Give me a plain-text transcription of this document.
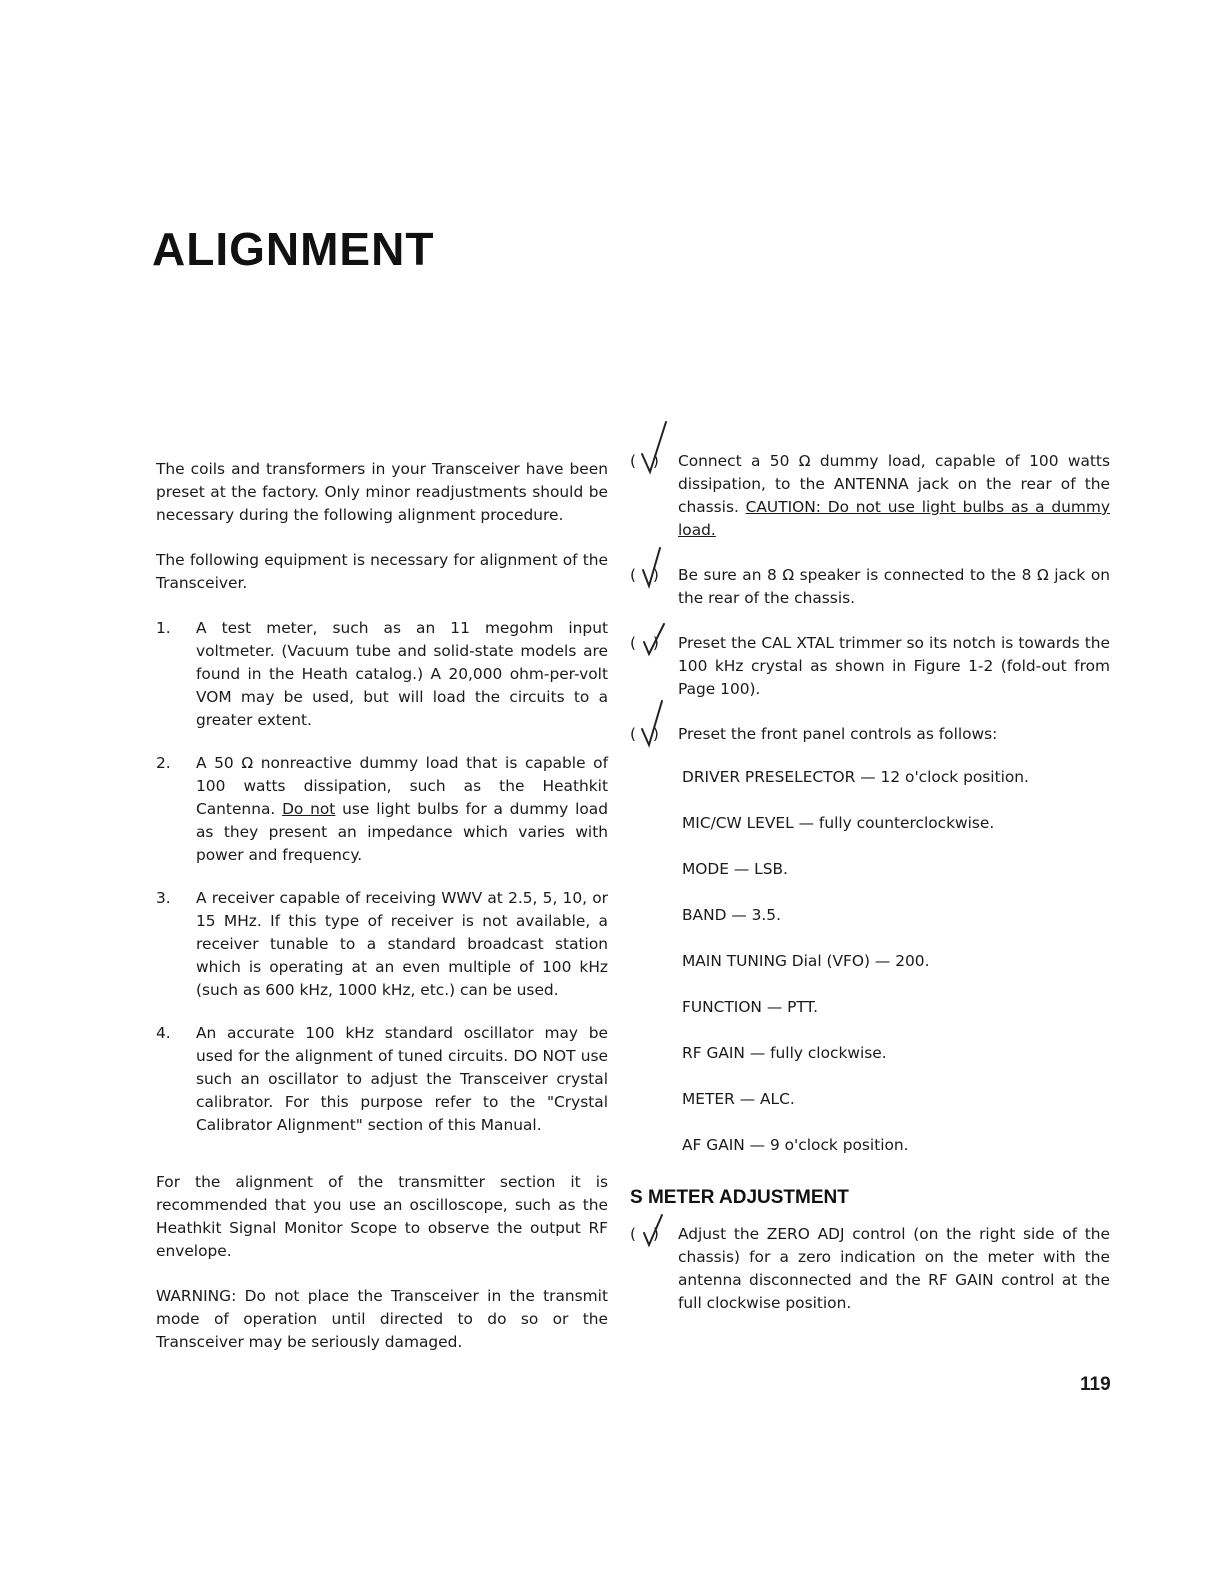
ALIGNMENT

The coils and transformers in your Transceiver have been preset at the factory. Only minor readjustments should be necessary during the following alignment procedure.

The following equipment is necessary for alignment of the Transceiver.

1.	A test meter, such as an 11 megohm input voltmeter. (Vacuum tube and solid-state models are found in the Heath catalog.) A 20,000 ohm-per-volt VOM may be used, but will load the circuits to a greater extent.

2.	A 50 Ω nonreactive dummy load that is capable of 100 watts dissipation, such as the Heathkit Cantenna. Do not use light bulbs for a dummy load as they present an impedance which varies with power and frequency.

3.	A receiver capable of receiving WWV at 2.5, 5, 10, or 15 MHz. If this type of receiver is not available, a receiver tunable to a standard broadcast station which is operating at an even multiple of 100 kHz (such as 600 kHz, 1000 kHz, etc.) can be used.

4.	An accurate 100 kHz standard oscillator may be used for the alignment of tuned circuits. DO NOT use such an oscillator to adjust the Transceiver crystal calibrator. For this purpose refer to the "Crystal Calibrator Alignment" section of this Manual.

For the alignment of the transmitter section it is recommended that you use an oscilloscope, such as the Heathkit Signal Monitor Scope to observe the output RF envelope.

WARNING: Do not place the Transceiver in the transmit mode of operation until directed to do so or the Transceiver may be seriously damaged.

( ) Connect a 50 Ω dummy load, capable of 100 watts dissipation, to the ANTENNA jack on the rear of the chassis. CAUTION: Do not use light bulbs as a dummy load.

( ) Be sure an 8 Ω speaker is connected to the 8 Ω jack on the rear of the chassis.

( ) Preset the CAL XTAL trimmer so its notch is towards the 100 kHz crystal as shown in Figure 1-2 (fold-out from Page 100).

( ) Preset the front panel controls as follows:

DRIVER PRESELECTOR — 12 o'clock position.

MIC/CW LEVEL — fully counterclockwise.

MODE — LSB.

BAND — 3.5.

MAIN TUNING Dial (VFO) — 200.

FUNCTION — PTT.

RF GAIN — fully clockwise.

METER — ALC.

AF GAIN — 9 o'clock position.

S METER ADJUSTMENT
( ) Adjust the ZERO ADJ control (on the right side of the chassis) for a zero indication on the meter with the antenna disconnected and the RF GAIN control at the full clockwise position.

119
